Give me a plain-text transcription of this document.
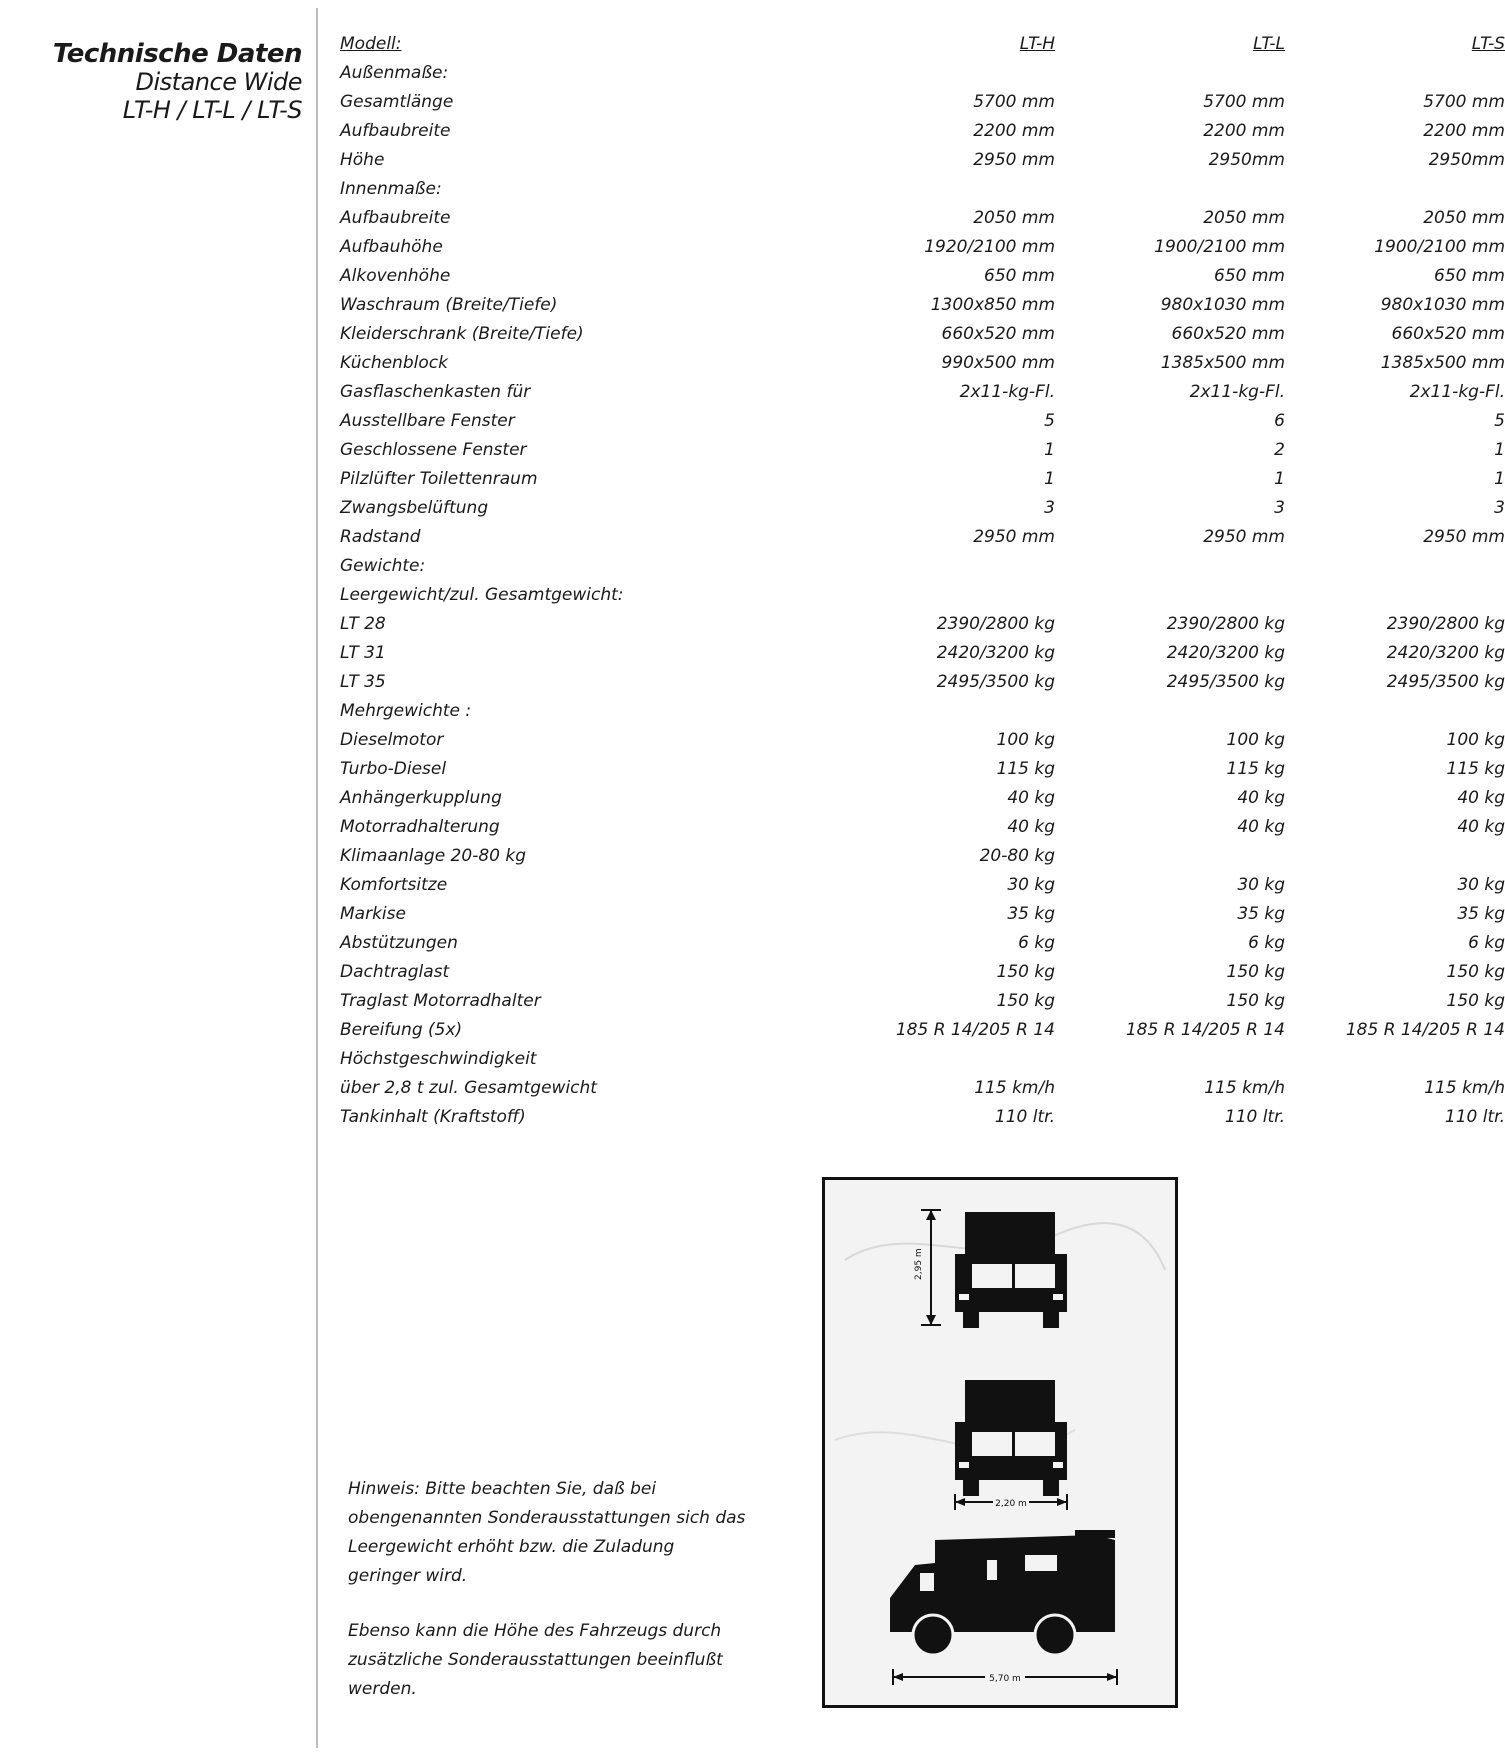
Technische Daten
Distance Wide
LT-H / LT-L / LT-S
Modell:	LT-H	LT-L	LT-S
Außenmaße:
Gesamtlänge	5700 mm	5700 mm	5700 mm
Aufbaubreite	2200 mm	2200 mm	2200 mm
Höhe	2950 mm	2950mm	2950mm
Innenmaße:
Aufbaubreite	2050 mm	2050 mm	2050 mm
Aufbauhöhe	1920/2100 mm	1900/2100 mm	1900/2100 mm
Alkovenhöhe	650 mm	650 mm	650 mm
Waschraum (Breite/Tiefe)	1300x850 mm	980x1030 mm	980x1030 mm
Kleiderschrank (Breite/Tiefe)	660x520 mm	660x520 mm	660x520 mm
Küchenblock	990x500 mm	1385x500 mm	1385x500 mm
Gasflaschenkasten für	2x11-kg-Fl.	2x11-kg-Fl.	2x11-kg-Fl.
Ausstellbare Fenster	5	6	5
Geschlossene Fenster	1	2	1
Pilzlüfter Toilettenraum	1	1	1
Zwangsbelüftung	3	3	3
Radstand	2950 mm	2950 mm	2950 mm
Gewichte:
Leergewicht/zul. Gesamtgewicht:
LT 28	2390/2800 kg	2390/2800 kg	2390/2800 kg
LT 31	2420/3200 kg	2420/3200 kg	2420/3200 kg
LT 35	2495/3500 kg	2495/3500 kg	2495/3500 kg
Mehrgewichte :
Dieselmotor	100 kg	100 kg	100 kg
Turbo-Diesel	115 kg	115 kg	115 kg
Anhängerkupplung	40 kg	40 kg	40 kg
Motorradhalterung	40 kg	40 kg	40 kg
Klimaanlage 20-80 kg	20-80 kg
Komfortsitze	30 kg	30 kg	30 kg
Markise	35 kg	35 kg	35 kg
Abstützungen	6 kg	6 kg	6 kg
Dachtraglast	150 kg	150 kg	150 kg
Traglast Motorradhalter	150 kg	150 kg	150 kg
Bereifung (5x)	185 R 14/205 R 14	185 R 14/205 R 14	185 R 14/205 R 14
Höchstgeschwindigkeit
über 2,8 t zul. Gesamtgewicht	115 km/h	115 km/h	115 km/h
Tankinhalt (Kraftstoff)	110 ltr.	110 ltr.	110 ltr.

Hinweis: Bitte beachten Sie, daß bei obengenannten Sonderausstattungen sich das Leergewicht erhöht bzw. die Zuladung geringer wird.

Ebenso kann die Höhe des Fahrzeugs durch zusätzliche Sonderausstattungen beeinflußt werden.

2,95 m
2,20 m
5,70 m
